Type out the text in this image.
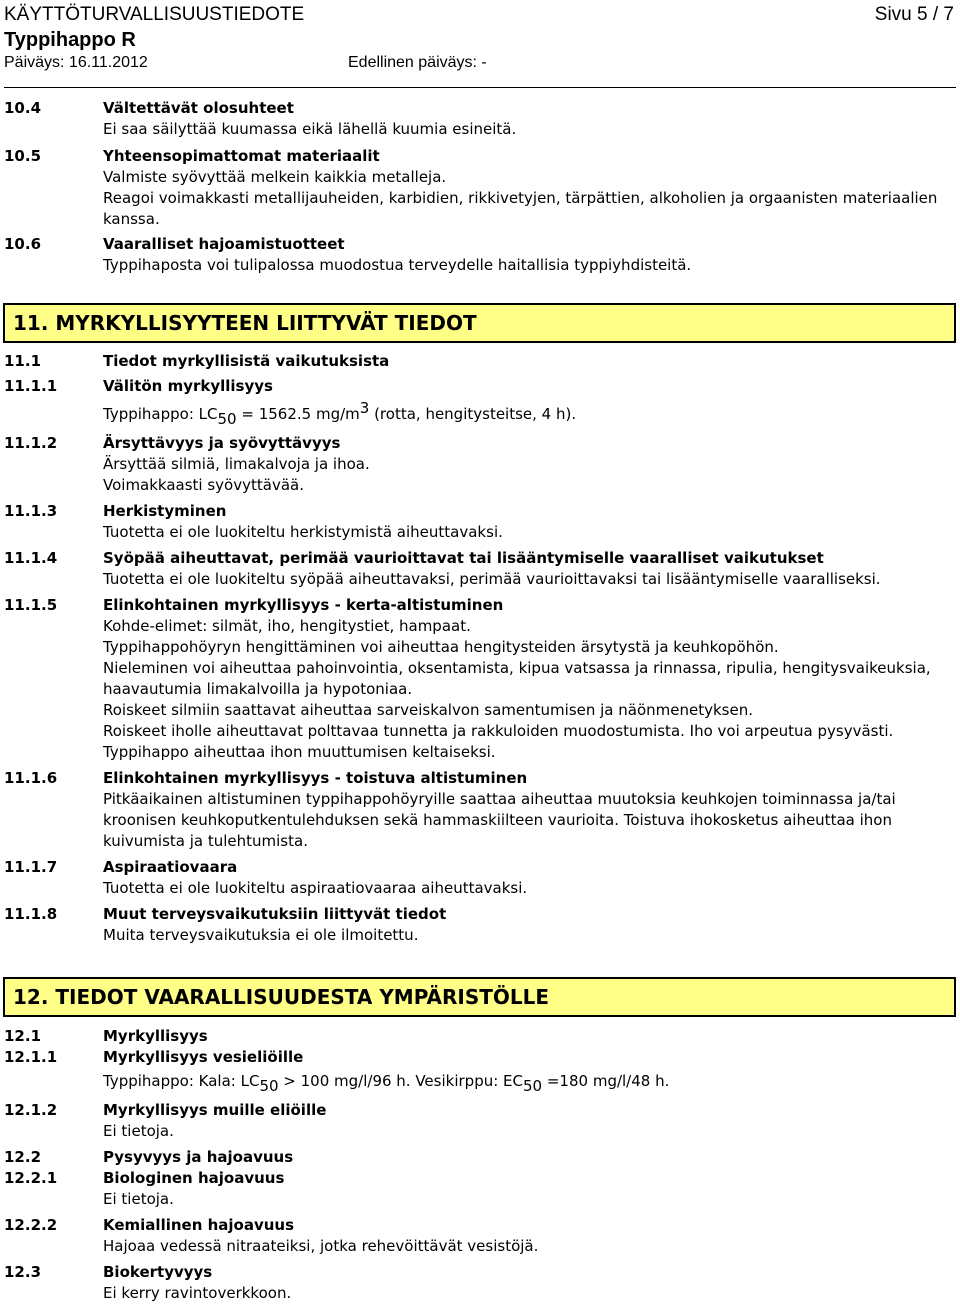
KÄYTTÖTURVALLISUUSTIEDOTE	Sivu 5 / 7
Typpihappo R
Päiväys: 16.11.2012	Edellinen päiväys: -
10.4	Vältettävät olosuhteet
Ei saa säilyttää kuumassa eikä lähellä kuumia esineitä.
10.5	Yhteensopimattomat materiaalit
Valmiste syövyttää melkein kaikkia metalleja.
Reagoi voimakkasti metallijauheiden, karbidien, rikkivetyjen, tärpättien, alkoholien ja orgaanisten materiaalien
kanssa.
10.6	Vaaralliset hajoamistuotteet
Typpihaposta voi tulipalossa muodostua terveydelle haitallisia typpiyhdisteitä.
11. MYRKYLLISYYTEEN LIITTYVÄT TIEDOT
11.1	Tiedot myrkyllisistä vaikutuksista
11.1.1	Välitön myrkyllisyys
Typpihappo: $LC_{50} = 1562.5$ $mg/m^3$ (rotta, hengitysteitse, 4 h).
11.1.2	Ärsyttävyys ja syövyttävyys
Ärsyttää silmiä, limakalvoja ja ihoa.
Voimakkaasti syövyttävää.
11.1.3	Herkistyminen
Tuotetta ei ole luokiteltu herkistymistä aiheuttavaksi.
11.1.4	Syöpää aiheuttavat, perimää vaurioittavat tai lisääntymiselle vaaralliset vaikutukset
Tuotetta ei ole luokiteltu syöpää aiheuttavaksi, perimää vaurioittavaksi tai lisääntymiselle vaaralliseksi.
11.1.5	Elinkohtainen myrkyllisyys - kerta-altistuminen
Kohde-elimet: silmät, iho, hengitystiet, hampaat.
Typpihappohöyryn hengittäminen voi aiheuttaa hengitysteiden ärsytystä ja keuhkopöhön.
Nieleminen voi aiheuttaa pahoinvointia, oksentamista, kipua vatsassa ja rinnassa, ripulia, hengitysvaikeuksia,
haavautumia limakalvoilla ja hypotoniaa.
Roiskeet silmiin saattavat aiheuttaa sarveiskalvon samentumisen ja näönmenetyksen.
Roiskeet iholle aiheuttavat polttavaa tunnetta ja rakkuloiden muodostumista. Iho voi arpeutua pysyvästi.
Typpihappo aiheuttaa ihon muuttumisen keltaiseksi.
11.1.6	Elinkohtainen myrkyllisyys - toistuva altistuminen
Pitkäaikainen altistuminen typpihappohöyryille saattaa aiheuttaa muutoksia keuhkojen toiminnassa ja/tai
kroonisen keuhkoputkentulehduksen sekä hammaskiilteen vaurioita. Toistuva ihokosketus aiheuttaa ihon
kuivumista ja tulehtumista.
11.1.7	Aspiraatiovaara
Tuotetta ei ole luokiteltu aspiraatiovaaraa aiheuttavaksi.
11.1.8	Muut terveysvaikutuksiin liittyvät tiedot
Muita terveysvaikutuksia ei ole ilmoitettu.
12. TIEDOT VAARALLISUUDESTA YMPÄRISTÖLLE
12.1	Myrkyllisyys
12.1.1	Myrkyllisyys vesieliöille
Typpihappo: Kala: $LC_{50} > 100$ mg/l/96 h. Vesikirppu: $EC_{50} =180$ mg/l/48 h.
12.1.2	Myrkyllisyys muille eliöille
Ei tietoja.
12.2	Pysyvyys ja hajoavuus
12.2.1	Biologinen hajoavuus
Ei tietoja.
12.2.2	Kemiallinen hajoavuus
Hajoaa vedessä nitraateiksi, jotka rehevöittävät vesistöjä.
12.3	Biokertyvyys
Ei kerry ravintoverkkoon.
